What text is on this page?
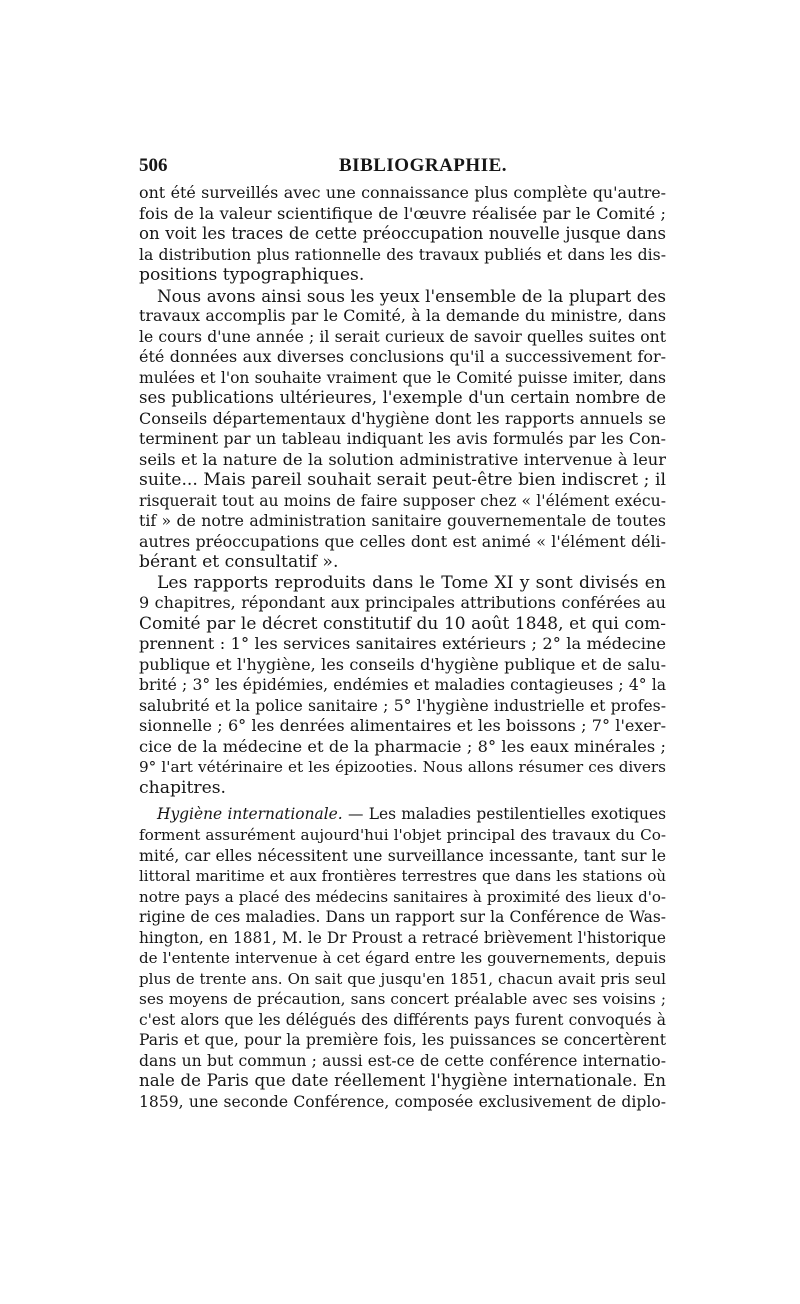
506	BIBLIOGRAPHIE.
ont été surveillés avec une connaissance plus complète qu'autre-
fois de la valeur scientifique de l'œuvre réalisée par le Comité ;
on voit les traces de cette préoccupation nouvelle jusque dans
la distribution plus rationnelle des travaux publiés et dans les dis-
positions typographiques.
Nous avons ainsi sous les yeux l'ensemble de la plupart des
travaux accomplis par le Comité, à la demande du ministre, dans
le cours d'une année ; il serait curieux de savoir quelles suites ont
été données aux diverses conclusions qu'il a successivement for-
mulées et l'on souhaite vraiment que le Comité puisse imiter, dans
ses publications ultérieures, l'exemple d'un certain nombre de
Conseils départementaux d'hygiène dont les rapports annuels se
terminent par un tableau indiquant les avis formulés par les Con-
seils et la nature de la solution administrative intervenue à leur
suite... Mais pareil souhait serait peut-être bien indiscret ; il
risquerait tout au moins de faire supposer chez « l'élément exécu-
tif » de notre administration sanitaire gouvernementale de toutes
autres préoccupations que celles dont est animé « l'élément déli-
bérant et consultatif ».
Les rapports reproduits dans le Tome XI y sont divisés en
9 chapitres, répondant aux principales attributions conférées au
Comité par le décret constitutif du 10 août 1848, et qui com-
prennent : 1° les services sanitaires extérieurs ; 2° la médecine
publique et l'hygiène, les conseils d'hygiène publique et de salu-
brité ; 3° les épidémies, endémies et maladies contagieuses ; 4° la
salubrité et la police sanitaire ; 5° l'hygiène industrielle et profes-
sionnelle ; 6° les denrées alimentaires et les boissons ; 7° l'exer-
cice de la médecine et de la pharmacie ; 8° les eaux minérales ;
9° l'art vétérinaire et les épizooties. Nous allons résumer ces divers
chapitres.
Hygiène internationale. — Les maladies pestilentielles exotiques
forment assurément aujourd'hui l'objet principal des travaux du Co-
mité, car elles nécessitent une surveillance incessante, tant sur le
littoral maritime et aux frontières terrestres que dans les stations où
notre pays a placé des médecins sanitaires à proximité des lieux d'o-
rigine de ces maladies. Dans un rapport sur la Conférence de Was-
hington, en 1881, M. le Dr Proust a retracé brièvement l'historique
de l'entente intervenue à cet égard entre les gouvernements, depuis
plus de trente ans. On sait que jusqu'en 1851, chacun avait pris seul
ses moyens de précaution, sans concert préalable avec ses voisins ;
c'est alors que les délégués des différents pays furent convoqués à
Paris et que, pour la première fois, les puissances se concertèrent
dans un but commun ; aussi est-ce de cette conférence internatio-
nale de Paris que date réellement l'hygiène internationale. En
1859, une seconde Conférence, composée exclusivement de diplo-
